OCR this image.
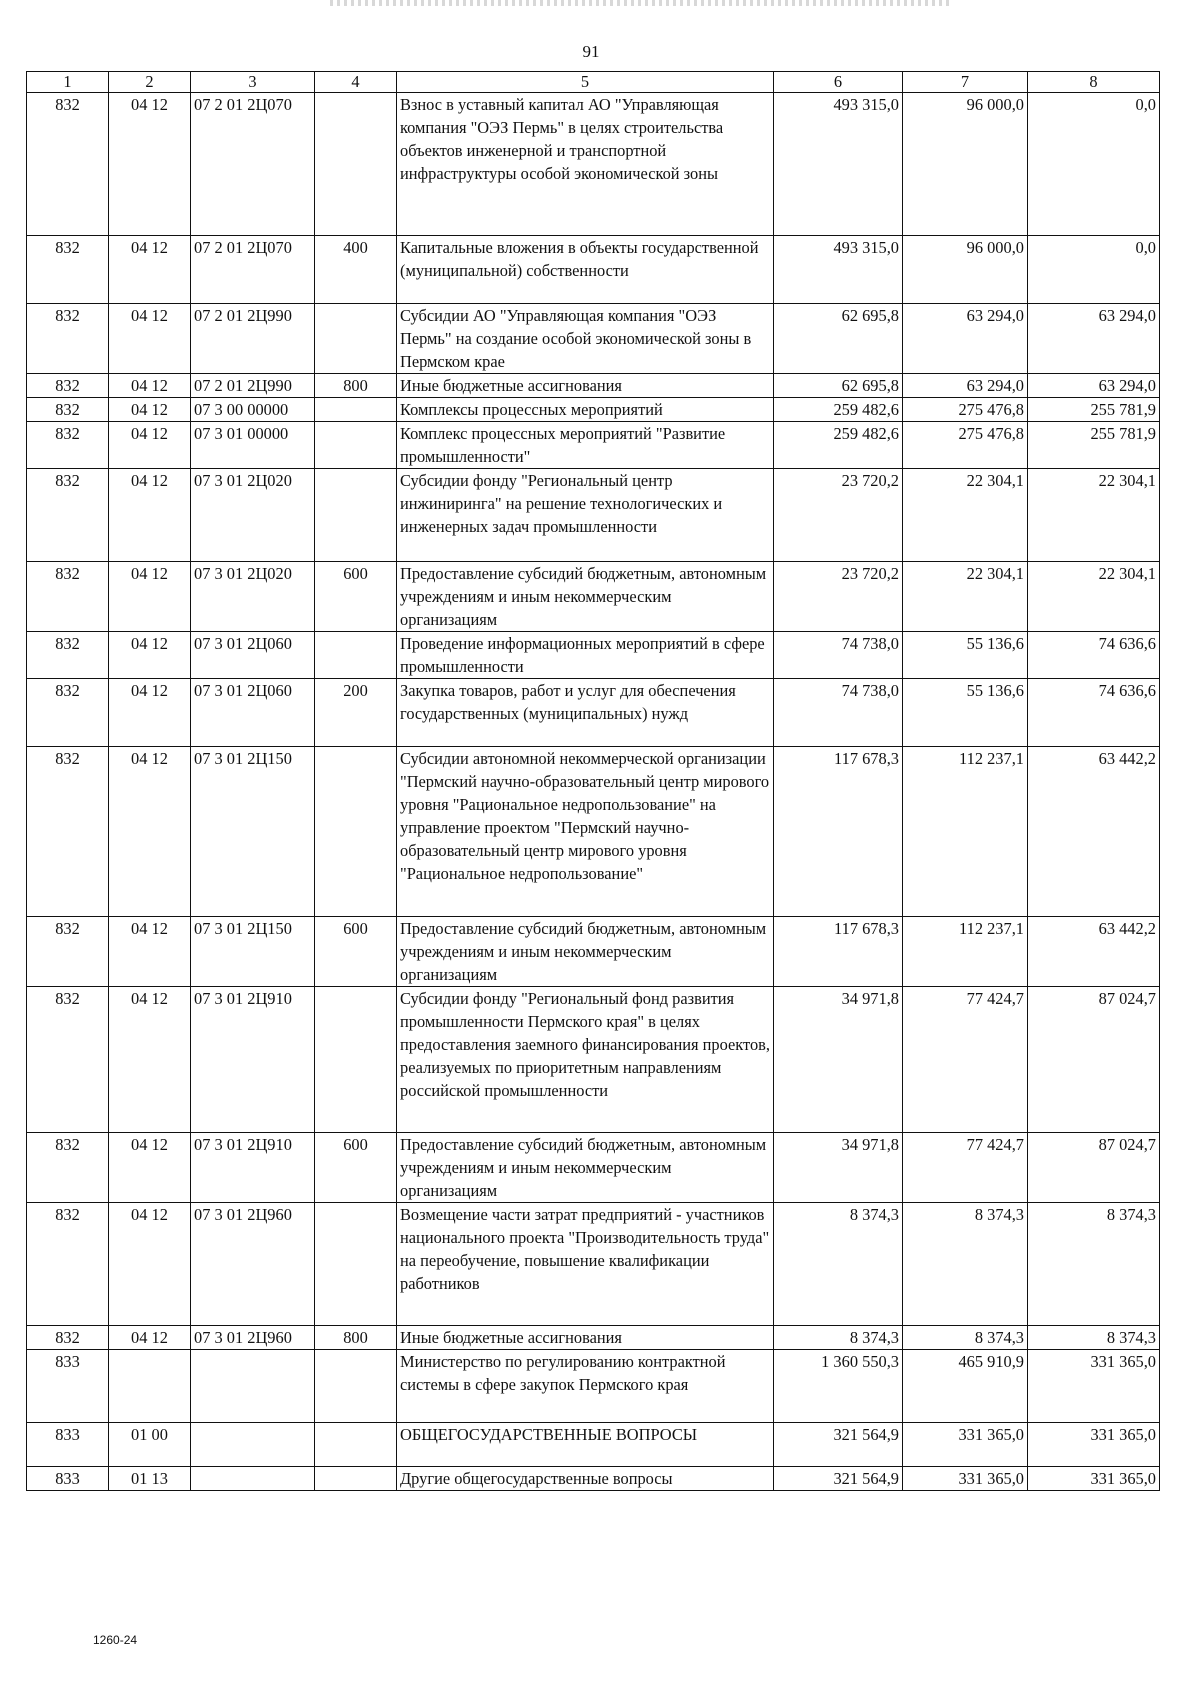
91
1	2	3	4	5	6	7	8
832	04 12	07 2 01 2Ц070		Взнос в уставный капитал АО "Управляющая компания "ОЭЗ Пермь" в целях строительства объектов инженерной и транспортной инфраструктуры особой экономической зоны	493 315,0	96 000,0	0,0
832	04 12	07 2 01 2Ц070	400	Капитальные вложения в объекты государственной (муниципальной) собственности	493 315,0	96 000,0	0,0
832	04 12	07 2 01 2Ц990		Субсидии АО "Управляющая компания "ОЭЗ Пермь" на создание особой экономической зоны в Пермском крае	62 695,8	63 294,0	63 294,0
832	04 12	07 2 01 2Ц990	800	Иные бюджетные ассигнования	62 695,8	63 294,0	63 294,0
832	04 12	07 3 00 00000		Комплексы процессных мероприятий	259 482,6	275 476,8	255 781,9
832	04 12	07 3 01 00000		Комплекс процессных мероприятий "Развитие промышленности"	259 482,6	275 476,8	255 781,9
832	04 12	07 3 01 2Ц020		Субсидии фонду "Региональный центр инжиниринга" на решение технологических и инженерных задач промышленности	23 720,2	22 304,1	22 304,1
832	04 12	07 3 01 2Ц020	600	Предоставление субсидий бюджетным, автономным учреждениям и иным некоммерческим организациям	23 720,2	22 304,1	22 304,1
832	04 12	07 3 01 2Ц060		Проведение информационных мероприятий в сфере промышленности	74 738,0	55 136,6	74 636,6
832	04 12	07 3 01 2Ц060	200	Закупка товаров, работ и услуг для обеспечения государственных (муниципальных) нужд	74 738,0	55 136,6	74 636,6
832	04 12	07 3 01 2Ц150		Субсидии автономной некоммерческой организации "Пермский научно-образовательный центр мирового уровня "Рациональное недропользование" на управление проектом "Пермский научно-образовательный центр мирового уровня "Рациональное недропользование"	117 678,3	112 237,1	63 442,2
832	04 12	07 3 01 2Ц150	600	Предоставление субсидий бюджетным, автономным учреждениям и иным некоммерческим организациям	117 678,3	112 237,1	63 442,2
832	04 12	07 3 01 2Ц910		Субсидии фонду "Региональный фонд развития промышленности Пермского края" в целях предоставления заемного финансирования проектов, реализуемых по приоритетным направлениям российской промышленности	34 971,8	77 424,7	87 024,7
832	04 12	07 3 01 2Ц910	600	Предоставление субсидий бюджетным, автономным учреждениям и иным некоммерческим организациям	34 971,8	77 424,7	87 024,7
832	04 12	07 3 01 2Ц960		Возмещение части затрат предприятий - участников национального проекта "Производительность труда" на переобучение, повышение квалификации работников	8 374,3	8 374,3	8 374,3
832	04 12	07 3 01 2Ц960	800	Иные бюджетные ассигнования	8 374,3	8 374,3	8 374,3
833				Министерство по регулированию контрактной системы в сфере закупок Пермского края	1 360 550,3	465 910,9	331 365,0
833	01 00			ОБЩЕГОСУДАРСТВЕННЫЕ ВОПРОСЫ	321 564,9	331 365,0	331 365,0
833	01 13			Другие общегосударственные вопросы	321 564,9	331 365,0	331 365,0
1260-24
